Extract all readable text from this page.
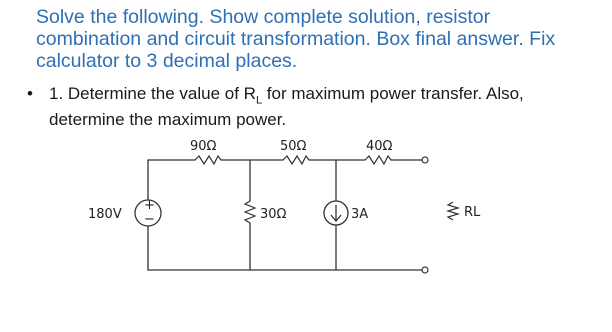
Solve the following. Show complete solution, resistor
combination and circuit transformation. Box final answer. Fix
calculator to 3 decimal places.
• 1. Determine the value of $R_L$ for maximum power transfer. Also,
determine the maximum power.
90Ω	50Ω	40Ω
180V
+
−	30Ω	3A	RL
